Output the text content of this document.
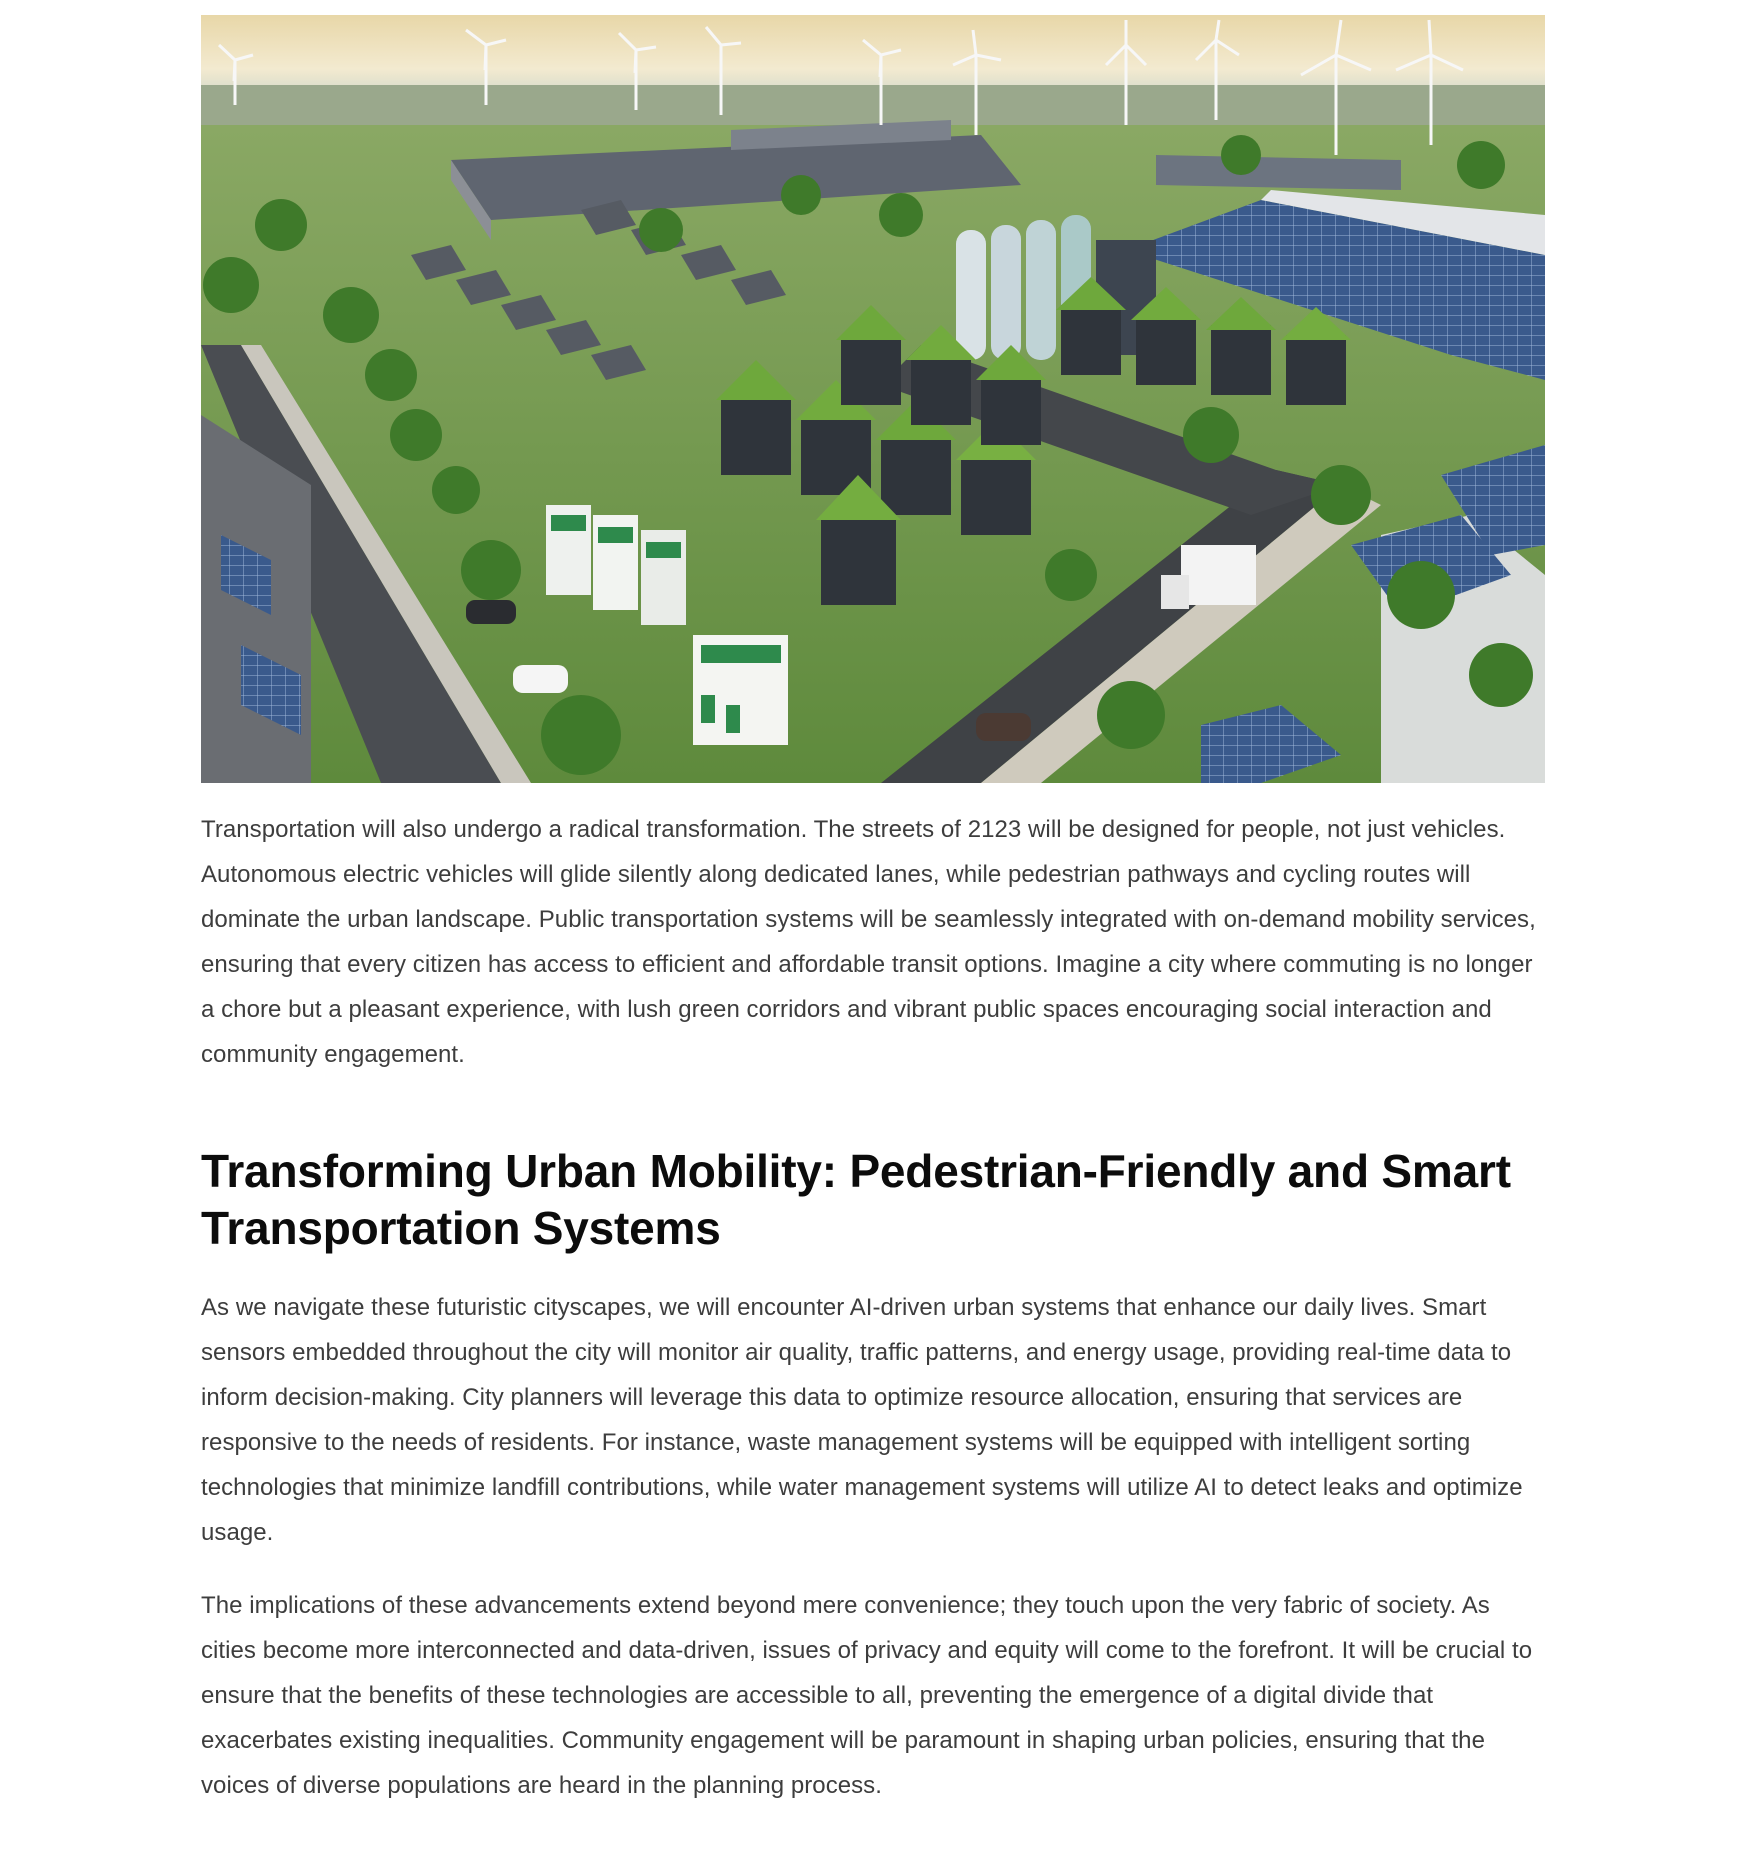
Transportation will also undergo a radical transformation. The streets of 2123 will be designed for people, not just vehicles. Autonomous electric vehicles will glide silently along dedicated lanes, while pedestrian pathways and cycling routes will dominate the urban landscape. Public transportation systems will be seamlessly integrated with on-demand mobility services, ensuring that every citizen has access to efficient and affordable transit options. Imagine a city where commuting is no longer a chore but a pleasant experience, with lush green corridors and vibrant public spaces encouraging social interaction and community engagement.

Transforming Urban Mobility: Pedestrian-Friendly and Smart Transportation Systems

As we navigate these futuristic cityscapes, we will encounter AI-driven urban systems that enhance our daily lives. Smart sensors embedded throughout the city will monitor air quality, traffic patterns, and energy usage, providing real-time data to inform decision-making. City planners will leverage this data to optimize resource allocation, ensuring that services are responsive to the needs of residents. For instance, waste management systems will be equipped with intelligent sorting technologies that minimize landfill contributions, while water management systems will utilize AI to detect leaks and optimize usage.

The implications of these advancements extend beyond mere convenience; they touch upon the very fabric of society. As cities become more interconnected and data-driven, issues of privacy and equity will come to the forefront. It will be crucial to ensure that the benefits of these technologies are accessible to all, preventing the emergence of a digital divide that exacerbates existing inequalities. Community engagement will be paramount in shaping urban policies, ensuring that the voices of diverse populations are heard in the planning process.
